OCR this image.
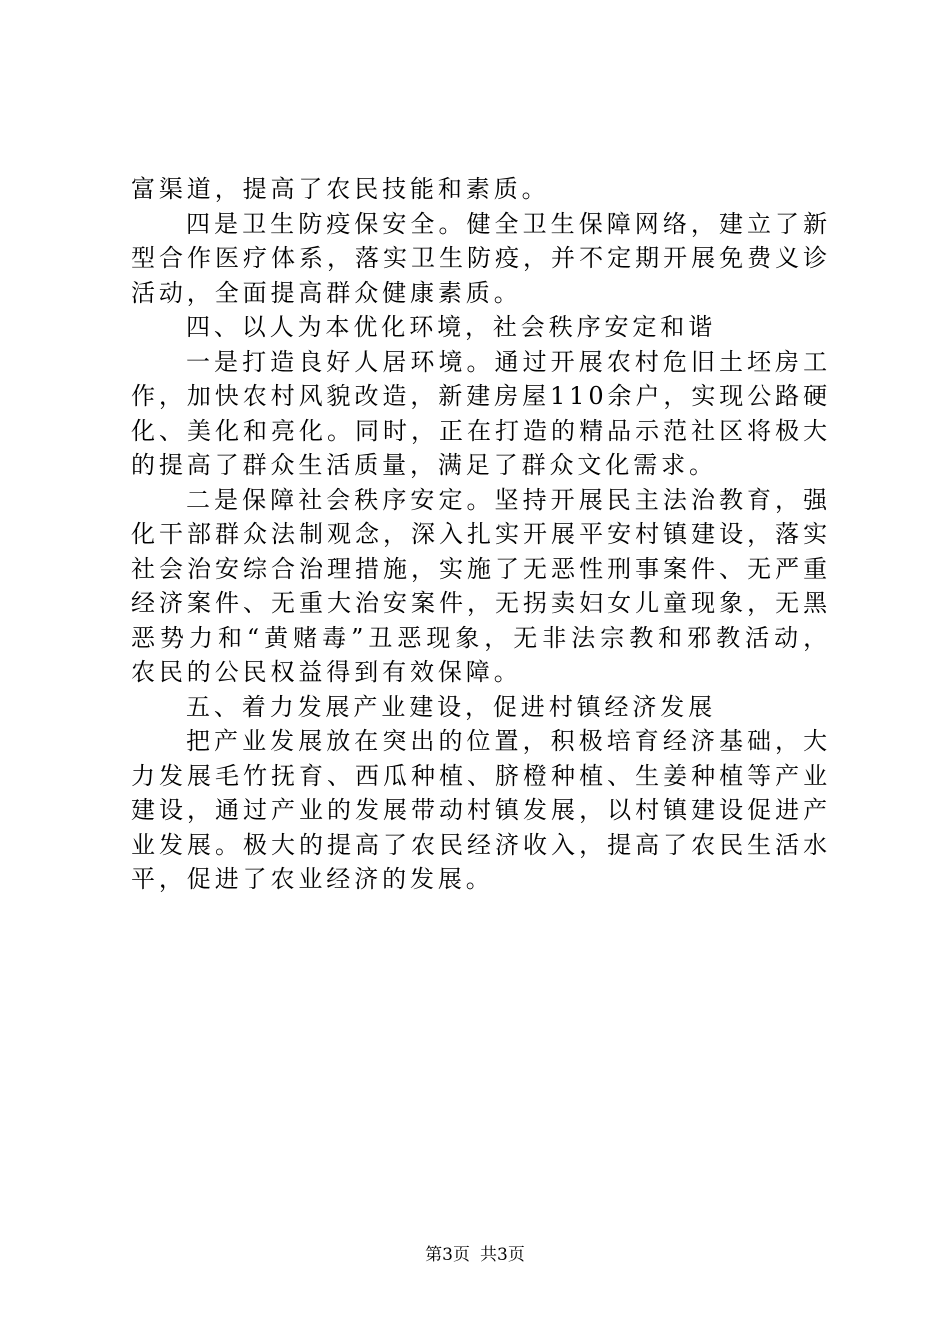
富渠道，提高了农民技能和素质。

四是卫生防疫保安全。健全卫生保障网络，建立了新型合作医疗体系，落实卫生防疫，并不定期开展免费义诊活动，全面提高群众健康素质。

四、以人为本优化环境，社会秩序安定和谐

一是打造良好人居环境。通过开展农村危旧土坯房工作，加快农村风貌改造，新建房屋110余户，实现公路硬化、美化和亮化。同时，正在打造的精品示范社区将极大的提高了群众生活质量，满足了群众文化需求。

二是保障社会秩序安定。坚持开展民主法治教育，强化干部群众法制观念，深入扎实开展平安村镇建设，落实社会治安综合治理措施，实施了无恶性刑事案件、无严重经济案件、无重大治安案件，无拐卖妇女儿童现象，无黑恶势力和“黄赌毒”丑恶现象，无非法宗教和邪教活动，农民的公民权益得到有效保障。

五、着力发展产业建设，促进村镇经济发展

把产业发展放在突出的位置，积极培育经济基础，大力发展毛竹抚育、西瓜种植、脐橙种植、生姜种植等产业建设，通过产业的发展带动村镇发展，以村镇建设促进产业发展。极大的提高了农民经济收入，提高了农民生活水平，促进了农业经济的发展。

第3页 共3页
